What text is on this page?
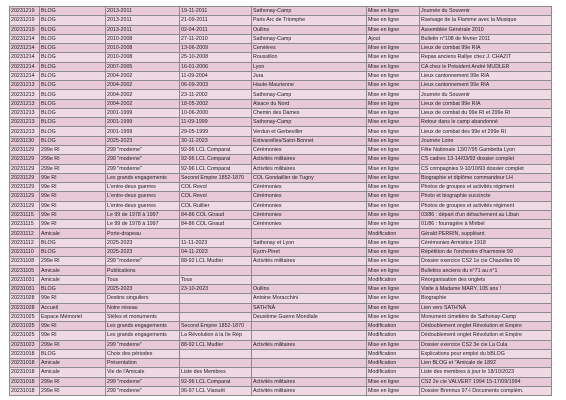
20231219	BLOG	2013-2011	19-11-2011	Sathonay-Camp	Mise en ligne	Journée du Souvenir
20231219	BLOG	2013-2011	21-09-2011	Paris Arc de Triomphe	Mise en ligne	Ravivage de la Flamme avec la Musique
20231219	BLOG	2013-2011	02-04-2011	Oullins	Mise en ligne	Assemblée Générale 2010
20231214	BLOG	2010-2008	27-11-2010	Sathonay-Camp	Ajout	Bulletin n°108 de février 2011
20231214	BLOG	2010-2008	13-06-2009	Cervières	Mise en ligne	Lieux de combat 99e RIA
20231214	BLOG	2010-2008	25-10-2008	Roussillon	Mise en ligne	Repas anciens Rallye chez J. CHAZIT
20231214	BLOG	2007-2005	16-01-2006	Lyon	Mise en ligne	CA chez le Président André MUDLER
20231214	BLOG	2004-2002	11-09-2004	Jura	Mise en ligne	Lieux cantonnement 99e RIA
20231213	BLOG	2004-2002	06-09-2003	Haute-Maurienne	Mise en ligne	Lieux cantonnement 99e RIA
20231213	BLOG	2004-2002	23-11-2002	Sathonay-Camp	Mise en ligne	Journée du Souvenir
20231213	BLOG	2004-2002	18-05-2002	Alsace du Nord	Mise en ligne	Lieux de combat 99e RIA
20231213	BLOG	2001-1999	10-06-2000	Chemin des Dames	Mise en ligne	Lieux de combat du 99e RI et 299e RI
20231213	BLOG	2001-1999	11-09-1999	Sathonay-Camp	Mise en ligne	Retour dans le camp abandonné
20231213	BLOG	2001-1999	29-05-1999	Verdun et Gerbeviller	Mise en ligne	Lieux de combat des 99e et 299e RI
20231130	BLOG	2025-2023	30-11-2023	Estivareilles/Saint-Bonnet	Mise en ligne	Journée Loire
20231129	299e RI	299 "moderne"	92-96 LCL Comparat	Cérémonies	Mise en ligne	Fête Nationale 13/07/95 Gambetta Lyon
20231129	299e RI	299 "moderne"	92-96 LCL Comparat	Activités militaires	Mise en ligne	CS cadres 13-14/03/93 dossier complet
20231129	299e RI	299 "moderne"	92-96 LCL Comparat	Activités militaires	Mise en ligne	CS compagnies 9-10/10/93 dossier complet
20231129	99e RI	Les grands engagements	Second Empire 1852-1870	COL Gondaillier de Tugny	Mise en ligne	Biographie et diplôme commandeur LH
20231129	99e RI	L'entre-deux guerres	COL Revol	Cérémonies	Mise en ligne	Photos de groupes et activités régiment
20231129	99e RI	L'entre-deux guerres	COL Revol	Cérémonies	Mise en ligne	Photo et biographie succincte
20231129	99e RI	L'entre-deux guerres	COL Ruillier	Cérémonies	Mise en ligne	Photos de groupes et activités régiment
20231115	99e RI	Le 99 de 1978 à 1997	84-86 COL Giraud	Cérémonies	Mise en ligne	03/86 : départ d'un détachement au Liban
20231115	99e RI	Le 99 de 1978 à 1997	84-86 COL Giraud	Cérémonies	Mise en ligne	01/86 : fourragère à Miribel
20231112	Amicale	Porte-drapeau			Modification	Gérald PERRIN, suppléant
20231112	BLOG	2025-2023	11-11-2023	Sathonay et Lyon	Mise en ligne	Cérémonies Armistice 1918
20231110	BLOG	2025-2023	04-11-2023	Eyzin-Pinet	Mise en ligne	Répétition de l'orchestre d'harmonie 99
20231108	299e RI	299 "moderne"	88-92 LCL Mudler	Activités militaires	Mise en ligne	Dossier exercice CS2 1e cie Chazelles 90
20231105	Amicale	Publications			Mise en ligne	Bulletins anciens du n°71 au n°1
20231031	Amicale	Tous	Tous		Modification	Réorganisation des onglets
20231031	BLOG	2025-2023	23-10-2023	Oullins	Mise en ligne	Visite à Madame MARY, 105 ans !
20231028	99e RI	Destins singuliers		Antoine Moracchini	Mise en ligne	Biographie
20231028	Accueil	Notre réseau		SATH'NÂ	Mise en ligne	Lien vers SATH'NÂ
20231025	Espace Mémoriel	Stèles et monuments		Deuxième Guerre Mondiale	Mise en ligne	Monument cimetière de Sathonay-Camp
20231025	99e RI	Les grands engagements	Second Empire 1852-1870		Modification	Dédoublement onglet Révolution et Empire
20231025	99e RI	Les grands engagements	La Révolution à la IIe Rép		Modification	Dédoublement onglet Révolution et Empire
20231023	299e RI	299 "moderne"	88-92 LCL Mudler	Activités militaires	Mise en ligne	Dossier exercice CS2 3e cie La Cula
20231018	BLOG	Choix des périodes			Modification	Explications pour emploi du bBLOG
20231018	Amicale	Présentation			Modification	Lien BLOG et "Amicale de 1892
20231018	Amicale	Vie de l'Amicale	Liste des Membres		Modification	Liste des membres à jour le 18/10/2023
20231018	299e RI	299 "moderne"	92-96 LCL Comparat	Activités militaires	Mise en ligne	CS2 2e cie VALVERT 1994 15-17/09/1994
20231018	299e RI	299 "moderne"	96-97 LCL Viaouët	Activités militaires	Mise en ligne	Dossier Brennus 97-I Documents complém.
